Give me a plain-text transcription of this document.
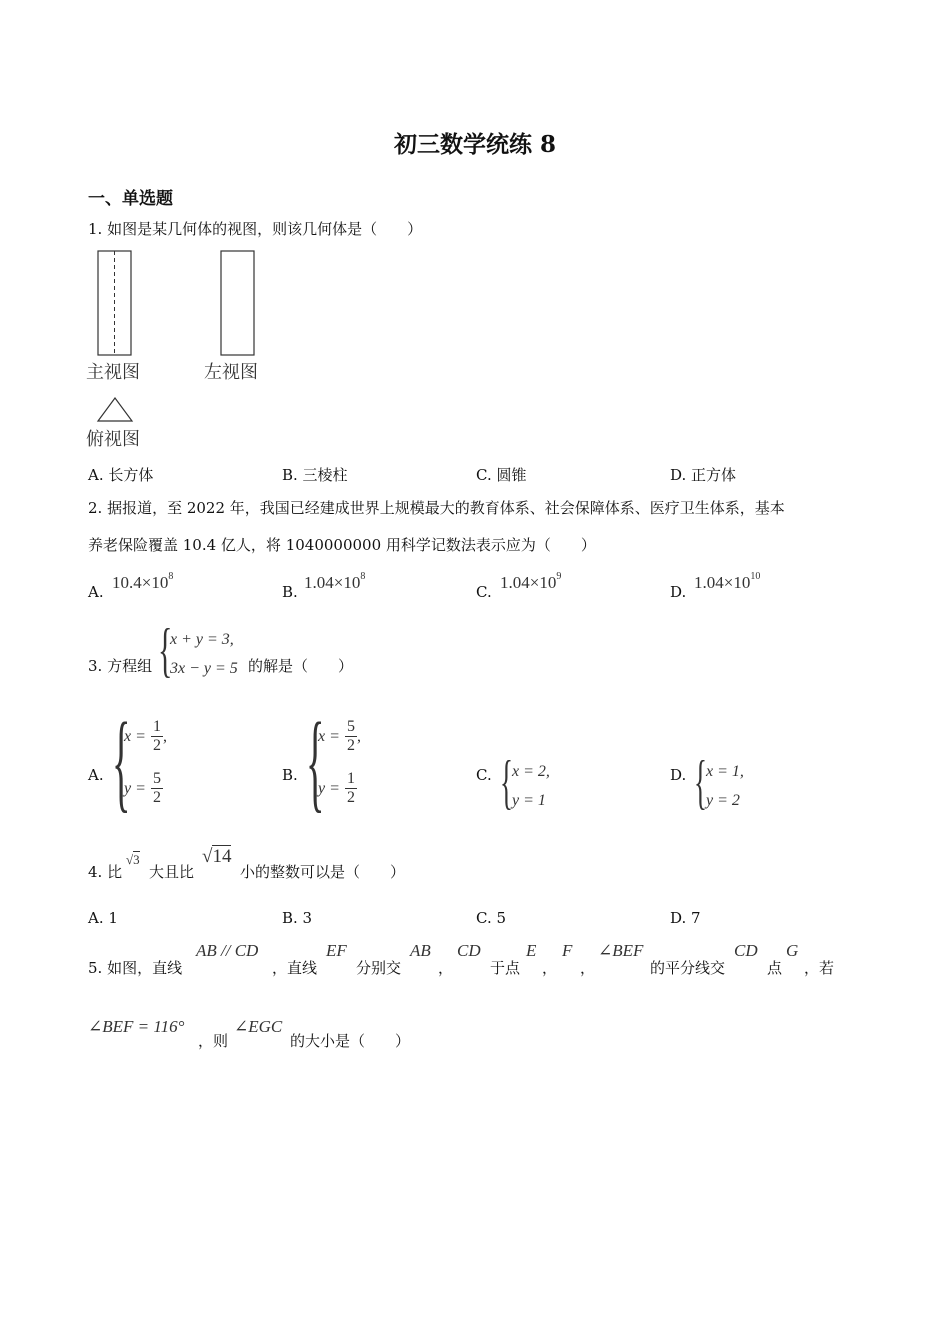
初三数学统练 8
一、单选题
1. 如图是某几何体的视图，则该几何体是（　　）
主视图	左视图
俯视图
A. 长方体	B. 三棱柱	C. 圆锥	D. 正方体
2. 据报道，至 2022 年，我国已经建成世界上规模最大的教育体系、社会保障体系、医疗卫生体系，基本
养老保险覆盖 10.4 亿人，将 1040000000 用科学记数法表示应为（　　）
A. $10.4\times 10^8$
B. $1.04\times 10^8$
C. $1.04\times 10^9$
D. $1.04\times 10^{10}$
3. 方程组 {
x + y = 3,
3x − y = 5 的解是（　　）
A. {
$x = \frac{1}{2}$ ,
$y = \frac{5}{2}$	B. {
$x = \frac{5}{2}$ ,
$y = \frac{1}{2}$	C. { x = 2,
y = 1
D. { x = 1,
y = 2
4. 比
√3
大且比
√14
小的整数可以是（　　）
A. 1	B. 3	C. 5	D. 7
5. 如图，直线
AB // CD
，直线
EF
分别交
AB
，
CD
于点
E
，
F
，
∠BEF
的平分线交
CD
点
G
，若
∠BEF = 116°
，则
∠EGC
的大小是（　　）
